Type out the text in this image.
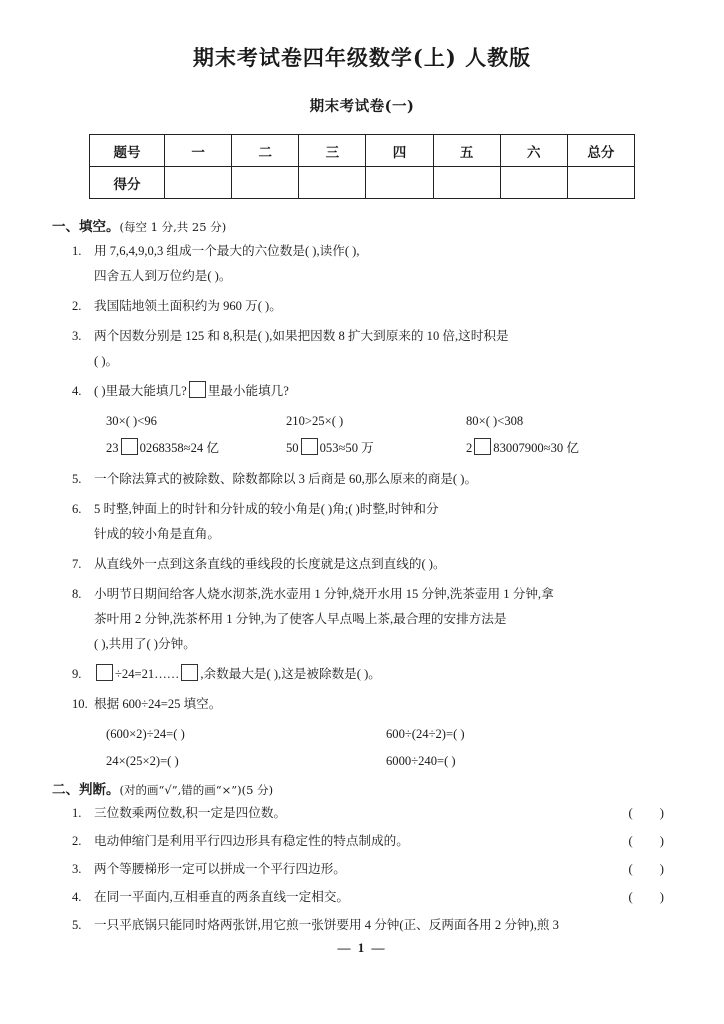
期末考试卷四年级数学(上) 人教版
期末考试卷(一)
题号	一	二	三	四	五	六	总分
得分							
一、填空。(每空 1 分,共 25 分)
1. 用 7,6,4,9,0,3 组成一个最大的六位数是( ),读作( ),
四舍五人到万位约是( )。
2. 我国陆地领土面积约为 960 万( )。
3. 两个因数分别是 125 和 8,积是( ),如果把因数 8 扩大到原来的 10 倍,这时积是
( )。
4. ( )里最大能填几? 里最小能填几?
30×( )<96	210>25×( )	80×( )<308
23 0268358≈24 亿	50 053≈50 万	2 83007900≈30 亿
5. 一个除法算式的被除数、除数都除以 3 后商是 60,那么原来的商是( )。
6. 5 时整,钟面上的时针和分针成的较小角是( )角;( )时整,时钟和分
针成的较小角是直角。
7. 从直线外一点到这条直线的垂线段的长度就是这点到直线的( )。
8. 小明节日期间给客人烧水沏茶,洗水壶用 1 分钟,烧开水用 15 分钟,洗茶壶用 1 分钟,拿
茶叶用 2 分钟,洗茶杯用 1 分钟,为了使客人早点喝上茶,最合理的安排方法是
( ),共用了( )分钟。
9.	÷24=21…… ,余数最大是( ),这是被除数是( )。
10. 根据 600÷24=25 填空。
(600×2)÷24=( )	600÷(24÷2)=( )
24×(25×2)=( )	6000÷240=( )
二、判断。(对的画“√”,错的画“×”)(5 分)
1. 三位数乘两位数,积一定是四位数。	( )
2. 电动伸缩门是利用平行四边形具有稳定性的特点制成的。	( )
3. 两个等腰梯形一定可以拼成一个平行四边形。	( )
4. 在同一平面内,互相垂直的两条直线一定相交。	( )
5. 一只平底锅只能同时烙两张饼,用它煎一张饼要用 4 分钟(正、反两面各用 2 分钟),煎 3
— 1 —
